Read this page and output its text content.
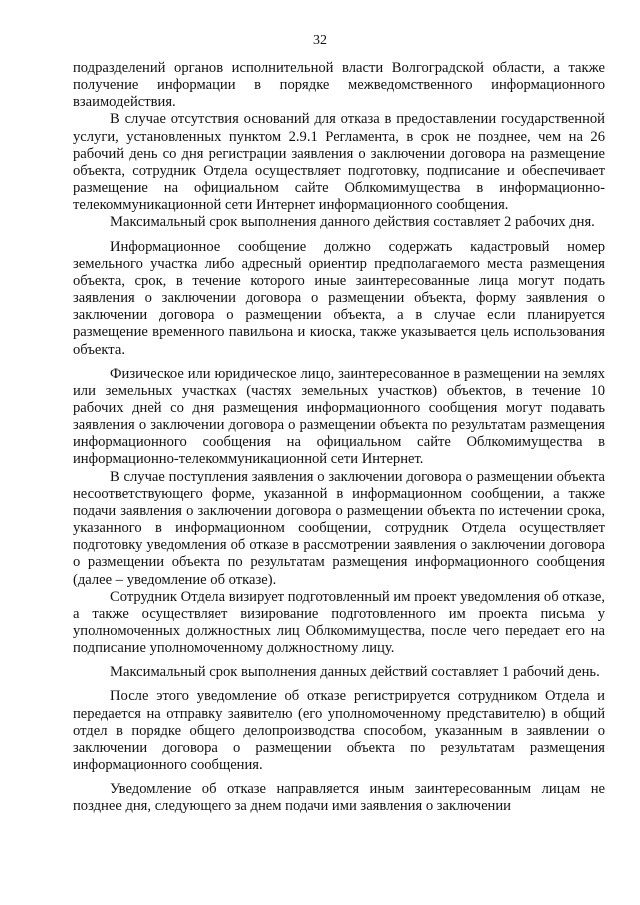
32

подразделений органов исполнительной власти Волгоградской области, а также получение информации в порядке межведомственного информационного взаимодействия.

В случае отсутствия оснований для отказа в предоставлении государственной услуги, установленных пунктом 2.9.1 Регламента, в срок не позднее, чем на 26 рабочий день со дня регистрации заявления о заключении договора на размещение объекта, сотрудник Отдела осуществляет подготовку, подписание и обеспечивает размещение на официальном сайте Облкомимущества в информационно-телекоммуникационной сети Интернет информационного сообщения.

Максимальный срок выполнения данного действия составляет 2 рабочих дня.

Информационное сообщение должно содержать кадастровый номер земельного участка либо адресный ориентир предполагаемого места размещения объекта, срок, в течение которого иные заинтересованные лица могут подать заявления о заключении договора о размещении объекта, форму заявления о заключении договора о размещении объекта, а в случае если планируется размещение временного павильона и киоска, также указывается цель использования объекта.

Физическое или юридическое лицо, заинтересованное в размещении на землях или земельных участках (частях земельных участков) объектов, в течение 10 рабочих дней со дня размещения информационного сообщения могут подавать заявления о заключении договора о размещении объекта по результатам размещения информационного сообщения на официальном сайте Облкомимущества в информационно-телекоммуникационной сети Интернет.

В случае поступления заявления о заключении договора о размещении объекта несоответствующего форме, указанной в информационном сообщении, а также подачи заявления о заключении договора о размещении объекта по истечении срока, указанного в информационном сообщении, сотрудник Отдела осуществляет подготовку уведомления об отказе в рассмотрении заявления о заключении договора о размещении объекта по результатам размещения информационного сообщения (далее – уведомление об отказе).

Сотрудник Отдела визирует подготовленный им проект уведомления об отказе, а также осуществляет визирование подготовленного им проекта письма у уполномоченных должностных лиц Облкомимущества, после чего передает его на подписание уполномоченному должностному лицу.

Максимальный срок выполнения данных действий составляет 1 рабочий день.

После этого уведомление об отказе регистрируется сотрудником Отдела и передается на отправку заявителю (его уполномоченному представителю) в общий отдел в порядке общего делопроизводства способом, указанным в заявлении о заключении договора о размещении объекта по результатам размещения информационного сообщения.

Уведомление об отказе направляется иным заинтересованным лицам не позднее дня, следующего за днем подачи ими заявления о заключении
